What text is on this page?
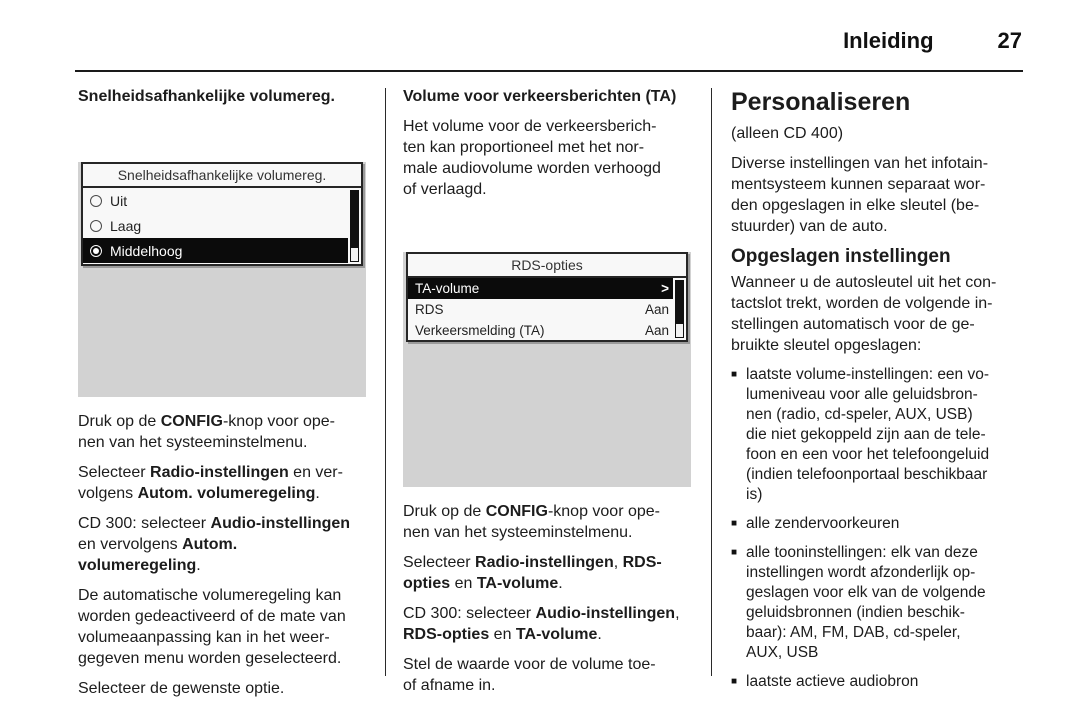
Inleiding	27
Snelheidsafhankelijke volumereg.
Snelheidsafhankelijke volumereg.
Uit
Laag
Middelhoog

Druk op de CONFIG-knop voor ope-
nen van het systeeminstelmenu.

Selecteer Radio-instellingen en ver-
volgens Autom. volumeregeling.

CD 300: selecteer Audio-instellingen
en vervolgens Autom.
volumeregeling.

De automatische volumeregeling kan
worden gedeactiveerd of de mate van
volumeaanpassing kan in het weer-
gegeven menu worden geselecteerd.

Selecteer de gewenste optie.

Volume voor verkeersberichten (TA)

Het volume voor de verkeersberich-
ten kan proportioneel met het nor-
male audiovolume worden verhoogd
of verlaagd.

RDS-opties
TA-volume	>
RDS	Aan
Verkeersmelding (TA)	Aan

Druk op de CONFIG-knop voor ope-
nen van het systeeminstelmenu.

Selecteer Radio-instellingen, RDS-
opties en TA-volume.

CD 300: selecteer Audio-instellingen,
RDS-opties en TA-volume.

Stel de waarde voor de volume toe-
of afname in.

Personaliseren
(alleen CD 400)

Diverse instellingen van het infotain-
mentsysteem kunnen separaat wor-
den opgeslagen in elke sleutel (be-
stuurder) van de auto.

Opgeslagen instellingen

Wanneer u de autosleutel uit het con-
tactslot trekt, worden de volgende in-
stellingen automatisch voor de ge-
bruikte sleutel opgeslagen:

■ laatste volume-instellingen: een vo-
lumeniveau voor alle geluidsbron-
nen (radio, cd-speler, AUX, USB)
die niet gekoppeld zijn aan de tele-
foon en een voor het telefoongeluid
(indien telefoonportaal beschikbaar
is)
■ alle zendervoorkeuren
■ alle tooninstellingen: elk van deze
instellingen wordt afzonderlijk op-
geslagen voor elk van de volgende
geluidsbronnen (indien beschik-
baar): AM, FM, DAB, cd-speler,
AUX, USB
■ laatste actieve audiobron
